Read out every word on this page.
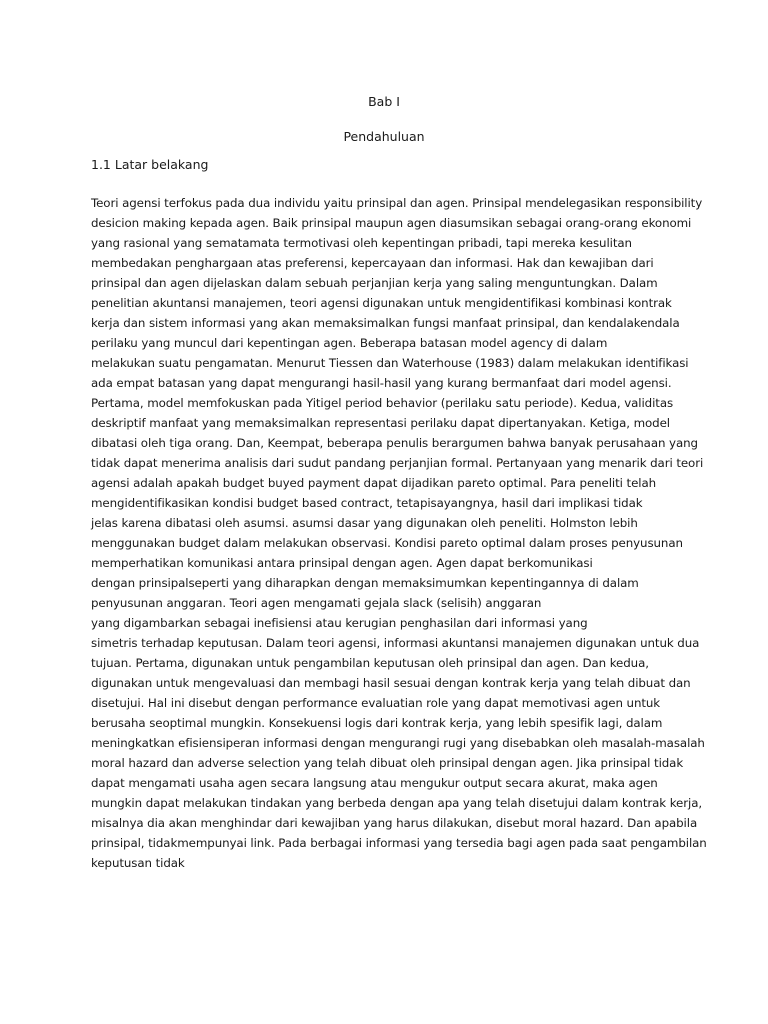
Bab I
Pendahuluan
1.1 Latar belakang
Teori agensi terfokus pada dua individu yaitu prinsipal dan agen. Prinsipal mendelegasikan responsibility
desicion making kepada agen. Baik prinsipal maupun agen diasumsikan sebagai orang-orang ekonomi
yang rasional yang sematamata termotivasi oleh kepentingan pribadi, tapi mereka kesulitan
membedakan penghargaan atas preferensi, kepercayaan dan informasi. Hak dan kewajiban dari
prinsipal dan agen dijelaskan dalam sebuah perjanjian kerja yang saling menguntungkan. Dalam
penelitian akuntansi manajemen, teori agensi digunakan untuk mengidentifikasi kombinasi kontrak
kerja dan sistem informasi yang akan memaksimalkan fungsi manfaat prinsipal, dan kendalakendala
perilaku yang muncul dari kepentingan agen. Beberapa batasan model agency di dalam
melakukan suatu pengamatan. Menurut Tiessen dan Waterhouse (1983) dalam melakukan identifikasi
ada empat batasan yang dapat mengurangi hasil-hasil yang kurang bermanfaat dari model agensi.
Pertama, model memfokuskan pada Yitigel period behavior (perilaku satu periode). Kedua, validitas
deskriptif manfaat yang memaksimalkan representasi perilaku dapat dipertanyakan. Ketiga, model
dibatasi oleh tiga orang. Dan, Keempat, beberapa penulis berargumen bahwa banyak perusahaan yang
tidak dapat menerima analisis dari sudut pandang perjanjian formal. Pertanyaan yang menarik dari teori
agensi adalah apakah budget buyed payment dapat dijadikan pareto optimal. Para peneliti telah
mengidentifikasikan kondisi budget based contract, tetapisayangnya, hasil dari implikasi tidak
jelas karena dibatasi oleh asumsi. asumsi dasar yang digunakan oleh peneliti. Holmston lebih
menggunakan budget dalam melakukan observasi. Kondisi pareto optimal dalam proses penyusunan
memperhatikan komunikasi antara prinsipal dengan agen. Agen dapat berkomunikasi
dengan prinsipalseperti yang diharapkan dengan memaksimumkan kepentingannya di dalam
penyusunan anggaran. Teori agen mengamati gejala slack (selisih) anggaran
yang digambarkan sebagai inefisiensi atau kerugian penghasilan dari informasi yang
simetris terhadap keputusan. Dalam teori agensi, informasi akuntansi manajemen digunakan untuk dua
tujuan. Pertama, digunakan untuk pengambilan keputusan oleh prinsipal dan agen. Dan kedua,
digunakan untuk mengevaluasi dan membagi hasil sesuai dengan kontrak kerja yang telah dibuat dan
disetujui. Hal ini disebut dengan performance evaluatian role yang dapat memotivasi agen untuk
berusaha seoptimal mungkin. Konsekuensi logis dari kontrak kerja, yang lebih spesifik lagi, dalam
meningkatkan efisiensiperan informasi dengan mengurangi rugi yang disebabkan oleh masalah-masalah
moral hazard dan adverse selection yang telah dibuat oleh prinsipal dengan agen. Jika prinsipal tidak
dapat mengamati usaha agen secara langsung atau mengukur output secara akurat, maka agen
mungkin dapat melakukan tindakan yang berbeda dengan apa yang telah disetujui dalam kontrak kerja,
misalnya dia akan menghindar dari kewajiban yang harus dilakukan, disebut moral hazard. Dan apabila
prinsipal, tidakmempunyai link. Pada berbagai informasi yang tersedia bagi agen pada saat pengambilan
keputusan tidak
